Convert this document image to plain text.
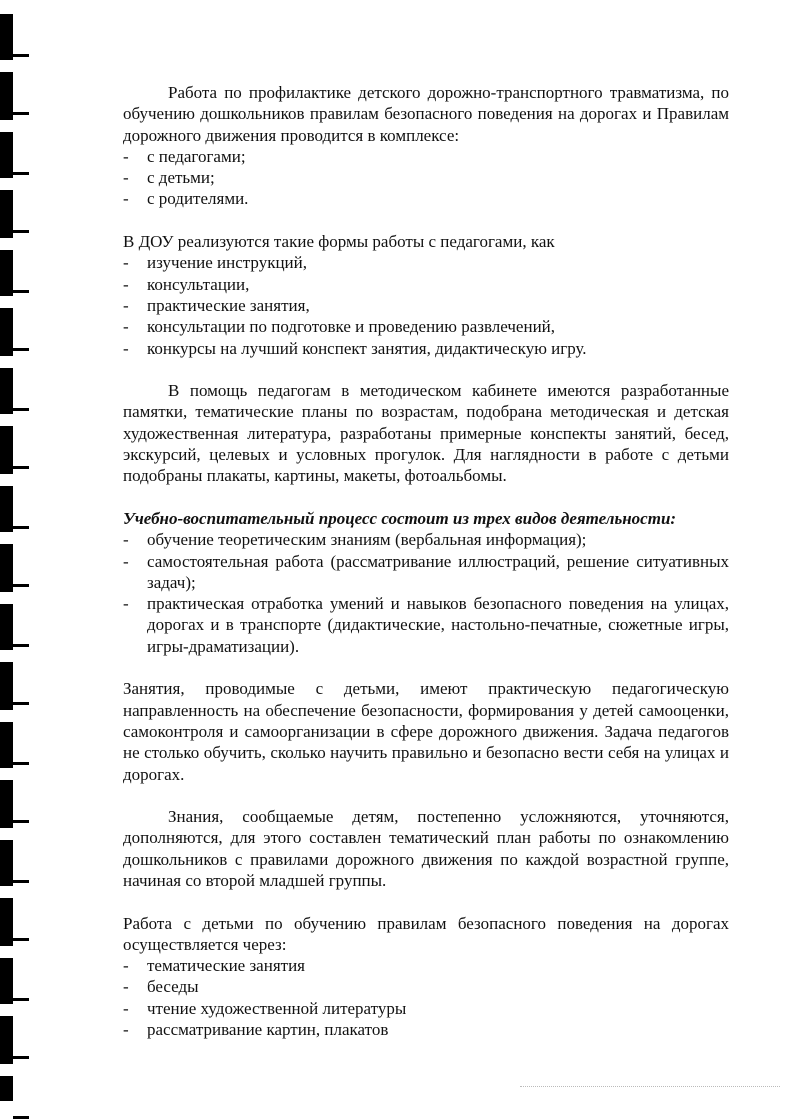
Работа по профилактике детского дорожно-транспортного травматизма, по обучению дошкольников правилам безопасного поведения на дорогах и Правилам дорожного движения проводится в комплексе:

- с педагогами;
- с детьми;
- с родителями.

В ДОУ реализуются такие формы работы с педагогами, как

- изучение инструкций,
- консультации,
- практические занятия,
- консультации по подготовке и проведению развлечений,
- конкурсы на лучший конспект занятия, дидактическую игру.

В помощь педагогам в методическом кабинете имеются разработанные памятки, тематические планы по возрастам, подобрана методическая и детская художественная литература, разработаны примерные конспекты занятий, бесед, экскурсий, целевых и условных прогулок. Для наглядности в работе с детьми подобраны плакаты, картины, макеты, фотоальбомы.

Учебно-воспитательный процесс состоит из трех видов деятельности:

- обучение теоретическим знаниям (вербальная информация);
- самостоятельная работа (рассматривание иллюстраций, решение ситуативных задач);
- практическая отработка умений и навыков безопасного поведения на улицах, дорогах и в транспорте (дидактические, настольно-печатные, сюжетные игры, игры-драматизации).

Занятия, проводимые с детьми, имеют практическую педагогическую направленность на обеспечение безопасности, формирования у детей самооценки, самоконтроля и самоорганизации в сфере дорожного движения. Задача педагогов не столько обучить, сколько научить правильно и безопасно вести себя на улицах и дорогах.

Знания, сообщаемые детям, постепенно усложняются, уточняются, дополняются, для этого составлен тематический план работы по ознакомлению дошкольников с правилами дорожного движения по каждой возрастной группе, начиная со второй младшей группы.

Работа с детьми по обучению правилам безопасного поведения на дорогах осуществляется через:

- тематические занятия
- беседы
- чтение художественной литературы
- рассматривание картин, плакатов
